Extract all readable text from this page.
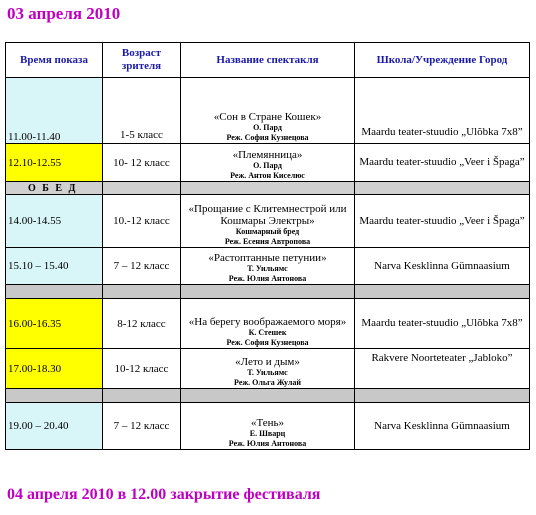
03 апреля 2010
Время показа	Возраст зрителя	Название спектакля	Школа/Учреждение Город
11.00-11.40	1-5 класс	«Сон в Стране Кошек»
О. Пард
Реж. София Кузнецова	Maardu teater-stuudio „Ulõbka 7x8”
12.10-12.55	10- 12 класс	«Племянница»
О. Пард
Реж. Антон Киселюс	Maardu teater-stuudio „Veer i Špaga”
О Б Е Д			
14.00-14.55	10.-12 класс	«Прощание с Клитемнестрой или Кошмары Электры»
Кошмарный бред
Реж. Есения Автропова	Maardu teater-stuudio „Veer i Špaga”
15.10 – 15.40	7 – 12 класс	«Растоптанные петунии»
Т. Уильямс
Реж. Юлия Антонова	Narva Kesklinna Gümnaasium

16.00-16.35	8-12 класс	«На берегу воображаемого моря»
К. Стешек
Реж. София Кузнецова	Maardu teater-stuudio „Ulõbka 7x8”
17.00-18.30	10-12 класс	«Лето и дым»
Т. Уильямс
Реж. Ольга Жулай	Rakvere Noorteteater „Jabloko”

19.00 – 20.40	7 – 12 класс	«Тень»
Е. Шварц
Реж. Юлия Антонова	Narva Kesklinna Gümnaasium
04 апреля 2010 в 12.00 закрытие фестиваля
